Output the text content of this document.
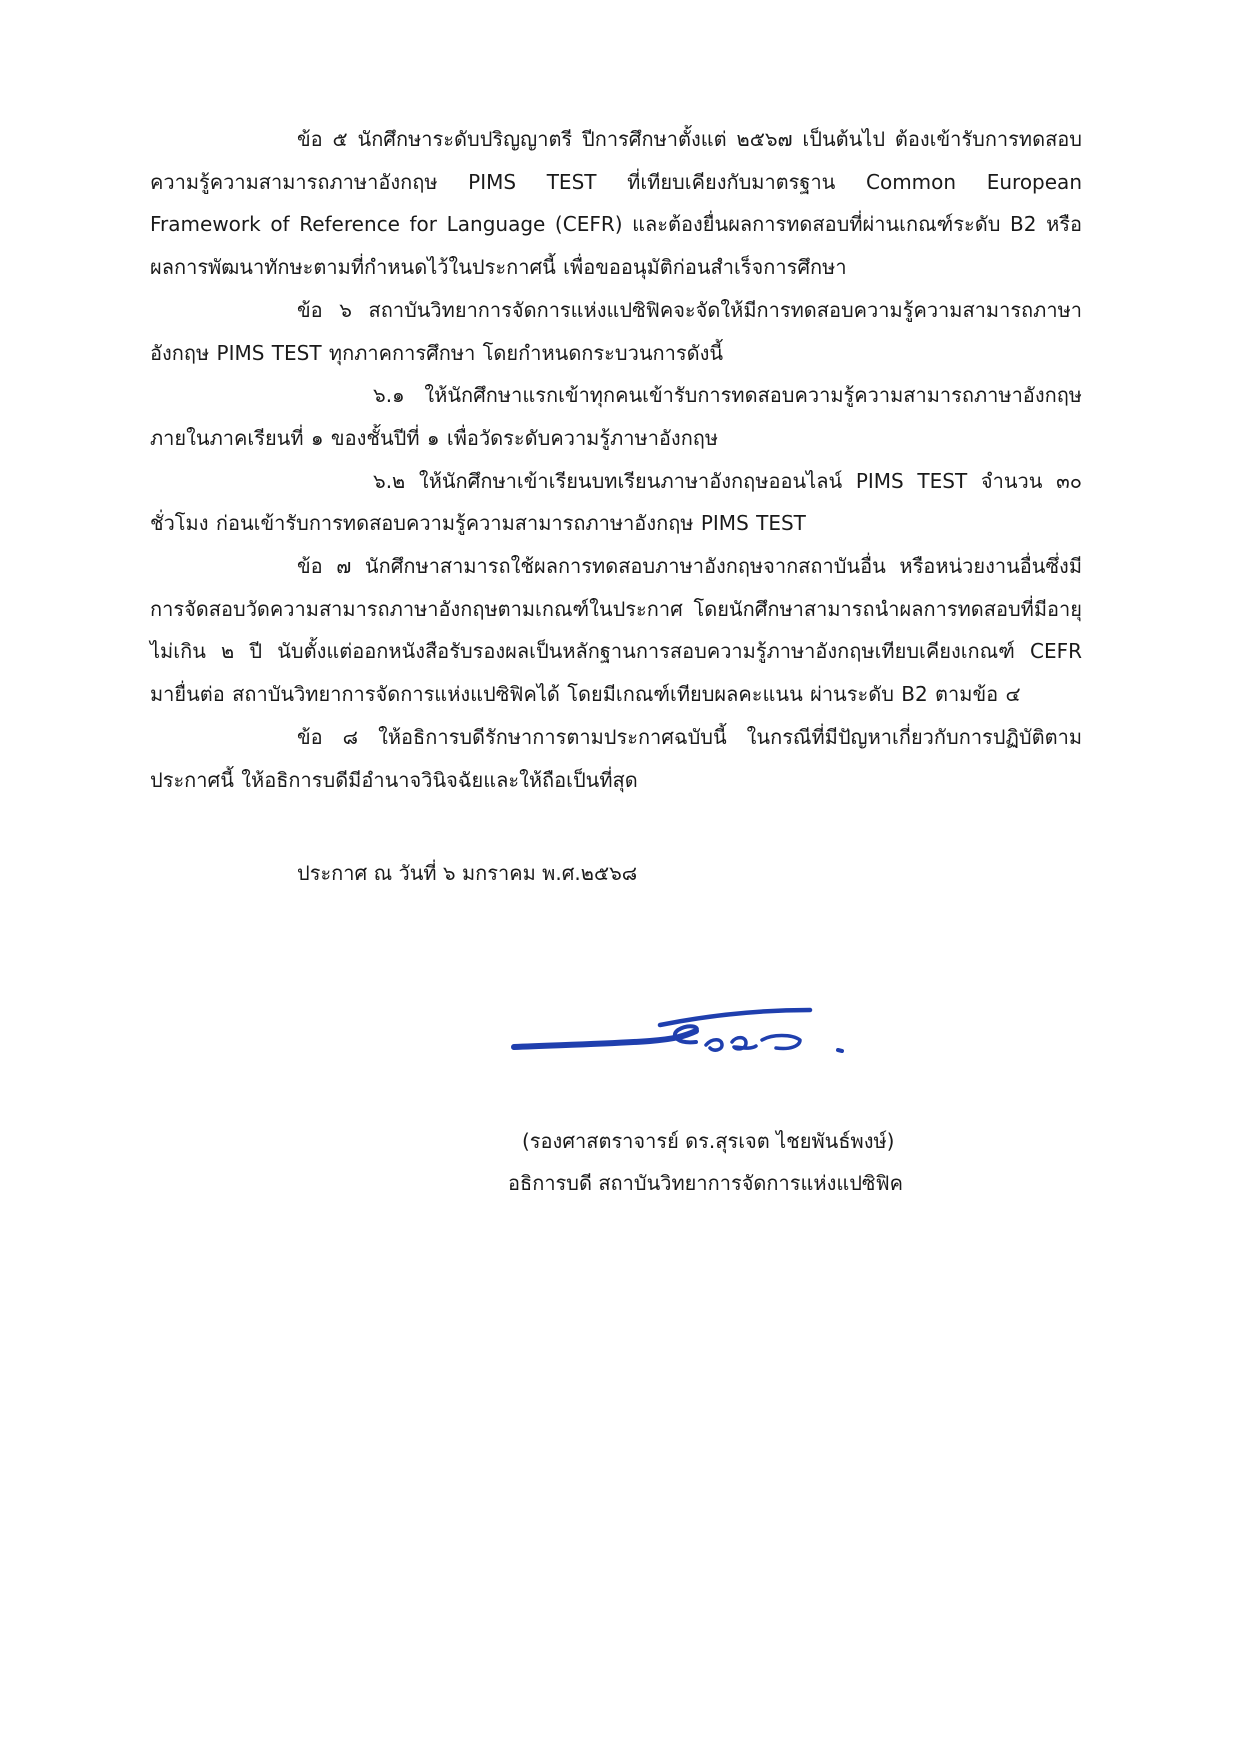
ข้อ ๕ นักศึกษาระดับปริญญาตรี ปีการศึกษาตั้งแต่ ๒๕๖๗ เป็นต้นไป ต้องเข้ารับการทดสอบความรู้ความสามารถภาษาอังกฤษ PIMS TEST ที่เทียบเคียงกับมาตรฐาน Common European Framework of Reference for Language (CEFR) และต้องยื่นผลการทดสอบที่ผ่านเกณฑ์ระดับ B2 หรือ ผลการพัฒนาทักษะตามที่กำหนดไว้ในประกาศนี้ เพื่อขออนุมัติก่อนสำเร็จการศึกษา

ข้อ ๖ สถาบันวิทยาการจัดการแห่งแปซิฟิคจะจัดให้มีการทดสอบความรู้ความสามารถภาษาอังกฤษ PIMS TEST ทุกภาคการศึกษา โดยกำหนดกระบวนการดังนี้

๖.๑ ให้นักศึกษาแรกเข้าทุกคนเข้ารับการทดสอบความรู้ความสามารถภาษาอังกฤษภายในภาคเรียนที่ ๑ ของชั้นปีที่ ๑ เพื่อวัดระดับความรู้ภาษาอังกฤษ

๖.๒ ให้นักศึกษาเข้าเรียนบทเรียนภาษาอังกฤษออนไลน์ PIMS TEST จำนวน ๓๐ ชั่วโมง ก่อนเข้ารับการทดสอบความรู้ความสามารถภาษาอังกฤษ PIMS TEST

ข้อ ๗ นักศึกษาสามารถใช้ผลการทดสอบภาษาอังกฤษจากสถาบันอื่น หรือหน่วยงานอื่นซึ่งมีการจัดสอบวัดความสามารถภาษาอังกฤษตามเกณฑ์ในประกาศ โดยนักศึกษาสามารถนำผลการทดสอบที่มีอายุไม่เกิน ๒ ปี นับตั้งแต่ออกหนังสือรับรองผลเป็นหลักฐานการสอบความรู้ภาษาอังกฤษเทียบเคียงเกณฑ์ CEFR มายื่นต่อ สถาบันวิทยาการจัดการแห่งแปซิฟิคได้ โดยมีเกณฑ์เทียบผลคะแนน ผ่านระดับ B2 ตามข้อ ๔

ข้อ ๘ ให้อธิการบดีรักษาการตามประกาศฉบับนี้ ในกรณีที่มีปัญหาเกี่ยวกับการปฏิบัติตามประกาศนี้ ให้อธิการบดีมีอำนาจวินิจฉัยและให้ถือเป็นที่สุด

ประกาศ ณ วันที่ ๖ มกราคม พ.ศ.๒๕๖๘
(รองศาสตราจารย์ ดร.สุรเจต ไชยพันธ์พงษ์)
อธิการบดี สถาบันวิทยาการจัดการแห่งแปซิฟิค
